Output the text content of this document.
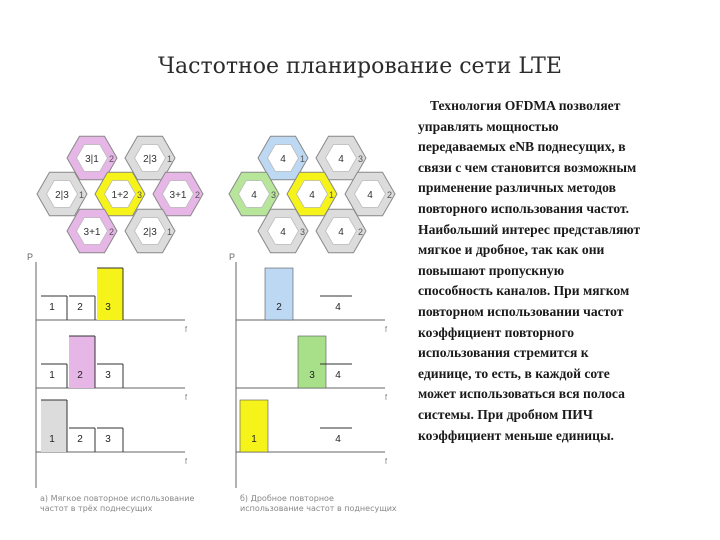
Частотное планирование сети LTE
Технология OFDMA позволяет
управлять мощностью
передаваемых eNB поднесущих, в
связи с чем становится возможным
применение различных методов
повторного использования частот.
Наибольший интерес представляют
мягкое и дробное, так как они
повышают пропускную
способность каналов. При мягком
повторном использовании частот
коэффициент повторного
использования стремится к
единице, то есть, в каждой соте
может использоваться вся полоса
системы. При дробном ПИЧ
коэффициент меньше единицы.
3|1 2	2|3 1
2|3 1	1+2 3	3+1 2
3+1 2	2|3 1
4 1	4 3
4 3	4 1	4 2
4 3	4 2
P
f
1 2 3
f
1 2 3
f
1 2 3
P
f
2	4
f
3 4
f
1	4
a) Мягкое повторное использование частот в трёх поднесущих
б) Дробное повторное использование частот в поднесущих
